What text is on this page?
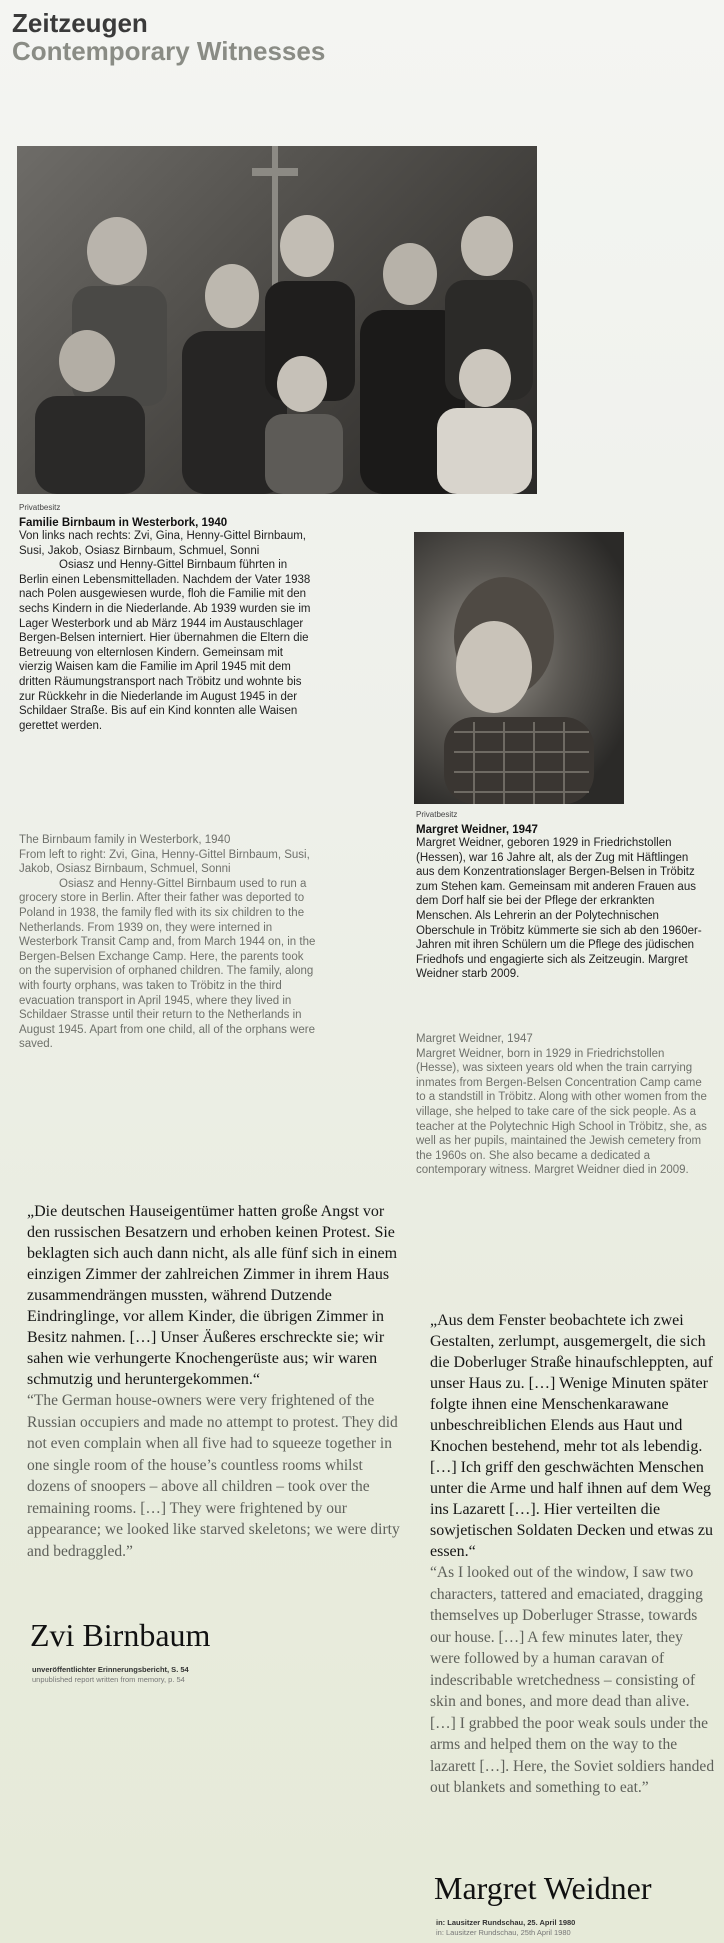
Zeitzeugen
Contemporary Witnesses
Privatbesitz
Familie Birnbaum in Westerbork, 1940
Von links nach rechts: Zvi, Gina, Henny-Gittel Birnbaum, Susi, Jakob, Osiasz Birnbaum, Schmuel, Sonni
Osiasz und Henny-Gittel Birnbaum führten in Berlin einen Lebensmittelladen. Nachdem der Vater 1938 nach Polen ausgewiesen wurde, floh die Familie mit den sechs Kindern in die Niederlande. Ab 1939 wurden sie im Lager Westerbork und ab März 1944 im Austauschlager Bergen-Belsen interniert. Hier übernahmen die Eltern die Betreuung von elternlosen Kindern. Gemeinsam mit vierzig Waisen kam die Familie im April 1945 mit dem dritten Räumungstransport nach Tröbitz und wohnte bis zur Rückkehr in die Niederlande im August 1945 in der Schildaer Straße. Bis auf ein Kind konnten alle Waisen gerettet werden.
The Birnbaum family in Westerbork, 1940
From left to right: Zvi, Gina, Henny-Gittel Birnbaum, Susi, Jakob, Osiasz Birnbaum, Schmuel, Sonni
Osiasz and Henny-Gittel Birnbaum used to run a grocery store in Berlin. After their father was deported to Poland in 1938, the family fled with its six children to the Netherlands. From 1939 on, they were interned in Westerbork Transit Camp and, from March 1944 on, in the Bergen-Belsen Exchange Camp. Here, the parents took on the supervision of orphaned children. The family, along with fourty orphans, was taken to Tröbitz in the third evacuation transport in April 1945, where they lived in Schildaer Strasse until their return to the Netherlands in August 1945. Apart from one child, all of the orphans were saved.
Privatbesitz
Margret Weidner, 1947
Margret Weidner, geboren 1929 in Friedrichstollen (Hessen), war 16 Jahre alt, als der Zug mit Häftlingen aus dem Konzentrationslager Bergen-Belsen in Tröbitz zum Stehen kam. Gemeinsam mit anderen Frauen aus dem Dorf half sie bei der Pflege der erkrankten Menschen. Als Lehrerin an der Polytechnischen Oberschule in Tröbitz kümmerte sie sich ab den 1960er-Jahren mit ihren Schülern um die Pflege des jüdischen Friedhofs und engagierte sich als Zeitzeugin. Margret Weidner starb 2009.
Margret Weidner, 1947
Margret Weidner, born in 1929 in Friedrichstollen (Hesse), was sixteen years old when the train carrying inmates from Bergen-Belsen Concentration Camp came to a standstill in Tröbitz. Along with other women from the village, she helped to take care of the sick people. As a teacher at the Polytechnic High School in Tröbitz, she, as well as her pupils, maintained the Jewish cemetery from the 1960s on. She also became a dedicated a contemporary witness. Margret Weidner died in 2009.
„Die deutschen Hauseigentümer hatten große Angst vor den russischen Besatzern und erhoben keinen Protest. Sie beklagten sich auch dann nicht, als alle fünf sich in einem einzigen Zimmer der zahlreichen Zimmer in ihrem Haus zusammendrängen mussten, während Dutzende Eindringlinge, vor allem Kinder, die übrigen Zimmer in Besitz nahmen. […] Unser Äußeres erschreckte sie; wir sahen wie verhungerte Knochengerüste aus; wir waren schmutzig und heruntergekommen.“
“The German house-owners were very frightened of the Russian occupiers and made no attempt to protest. They did not even complain when all five had to squeeze together in one single room of the house’s countless rooms whilst dozens of snoopers – above all children – took over the remaining rooms. […] They were frightened by our appearance; we looked like starved skeletons; we were dirty and bedraggled.”
Zvi Birnbaum
unveröffentlichter Erinnerungsbericht, S. 54
unpublished report written from memory, p. 54
„Aus dem Fenster beobachtete ich zwei Gestalten, zerlumpt, ausgemergelt, die sich die Doberluger Straße hinaufschleppten, auf unser Haus zu. […] Wenige Minuten später folgte ihnen eine Menschenkarawane unbeschreiblichen Elends aus Haut und Knochen bestehend, mehr tot als lebendig. […] Ich griff den geschwächten Menschen unter die Arme und half ihnen auf dem Weg ins Lazarett […]. Hier verteilten die sowjetischen Soldaten Decken und etwas zu essen.“
“As I looked out of the window, I saw two characters, tattered and emaciated, dragging themselves up Doberluger Strasse, towards our house. […] A few minutes later, they were followed by a human caravan of indescribable wretchedness – consisting of skin and bones, and more dead than alive. […] I grabbed the poor weak souls under the arms and helped them on the way to the lazarett […]. Here, the Soviet soldiers handed out blankets and something to eat.”
Margret Weidner
in: Lausitzer Rundschau, 25. April 1980
in: Lausitzer Rundschau, 25th April 1980
